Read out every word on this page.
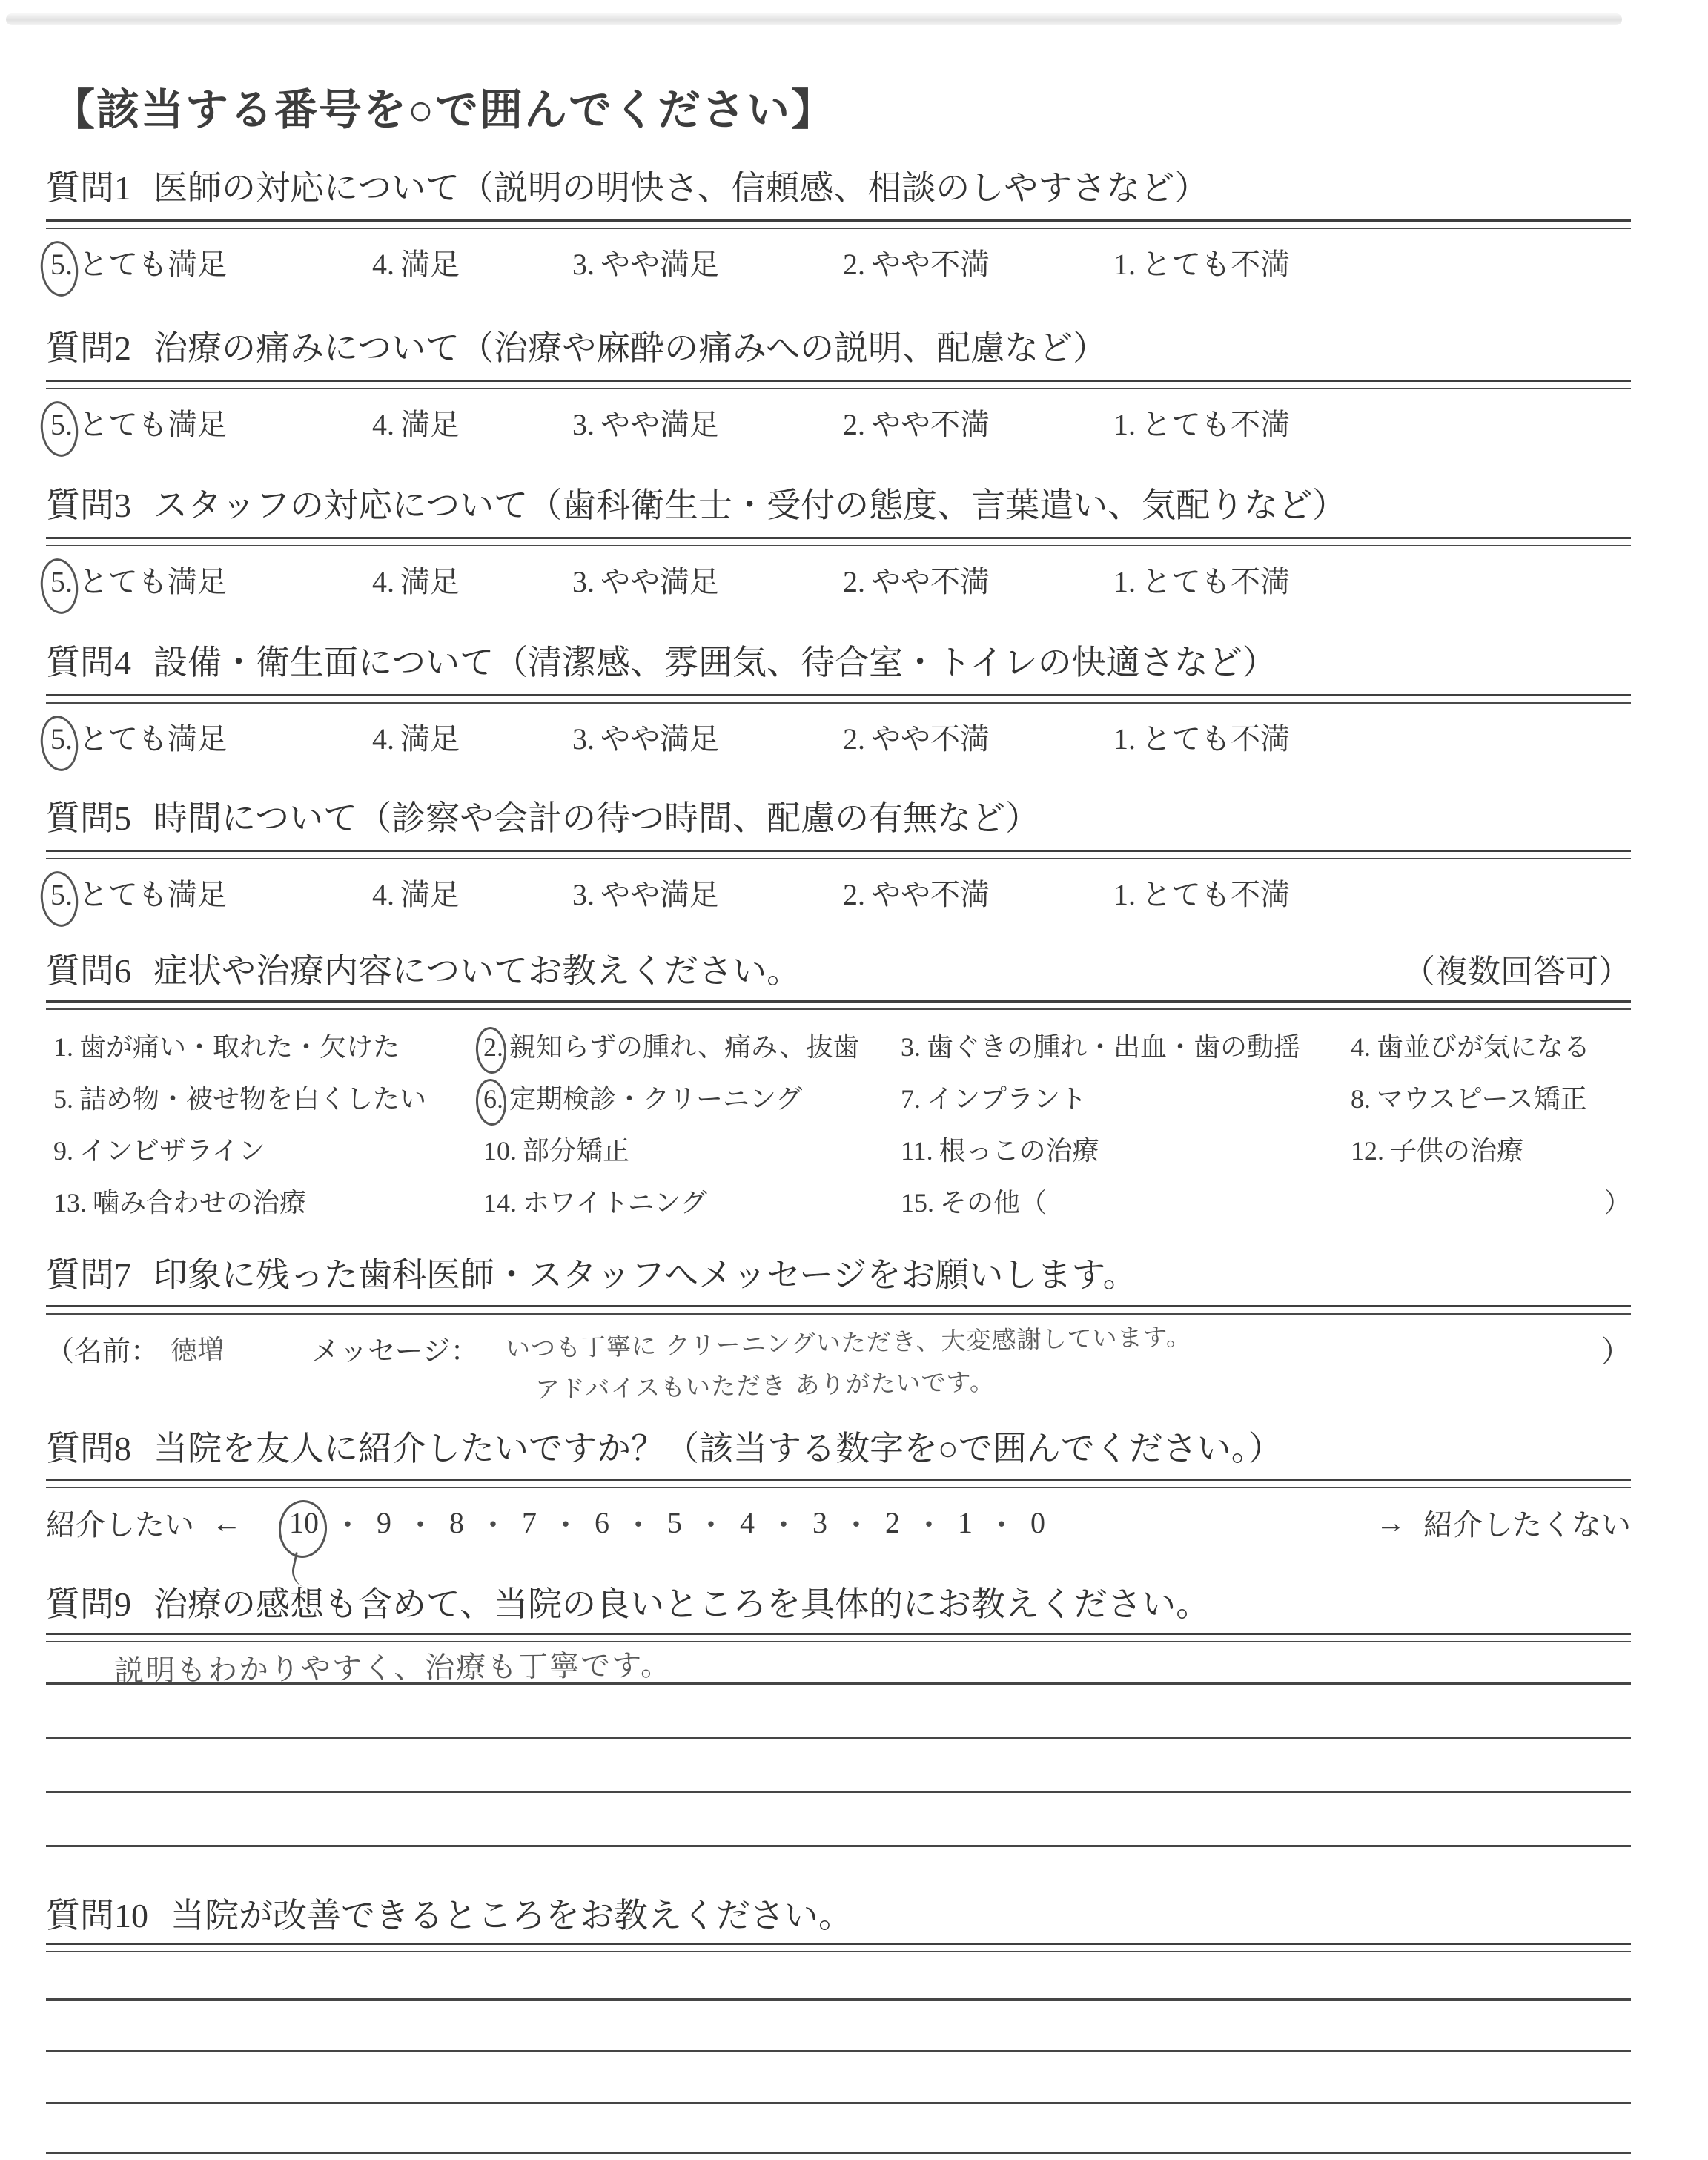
【該当する番号を○で囲んでください】
質問1 医師の対応について（説明の明快さ、信頼感、相談のしやすさなど）
5. とても満足	4. 満足	3. やや満足	2. やや不満	1. とても不満
質問2 治療の痛みについて（治療や麻酔の痛みへの説明、配慮など）
5. とても満足	4. 満足	3. やや満足	2. やや不満	1. とても不満
質問3 スタッフの対応について（歯科衛生士・受付の態度、言葉遣い、気配りなど）
5. とても満足	4. 満足	3. やや満足	2. やや不満	1. とても不満
質問4 設備・衛生面について（清潔感、雰囲気、待合室・トイレの快適さなど）
5. とても満足	4. 満足	3. やや満足	2. やや不満	1. とても不満
質問5 時間について（診察や会計の待つ時間、配慮の有無など）
5. とても満足	4. 満足	3. やや満足	2. やや不満	1. とても不満
質問6 症状や治療内容についてお教えください。	（複数回答可）
1. 歯が痛い・取れた・欠けた	2. 親知らずの腫れ、痛み、抜歯 3. 歯ぐきの腫れ・出血・歯の動揺 4. 歯並びが気になる
5. 詰め物・被せ物を白くしたい 6. 定期検診・クリーニング	7. インプラント	8. マウスピース矯正
9. インビザライン	10. 部分矯正	11. 根っこの治療	12. 子供の治療
13. 噛み合わせの治療	14. ホワイトニング	15. その他（	）
質問7 印象に残った歯科医師・スタッフへメッセージをお願いします。
（名前： 徳増	メッセージ： いつも丁寧に クリーニングいただき、大変感謝しています。
アドバイスもいただき ありがたいです。
）
質問8 当院を友人に紹介したいですか？（該当する数字を○で囲んでください。）
紹介したい ← 10 ・ 9 ・ 8 ・ 7 ・ 6 ・ 5 ・ 4 ・ 3 ・ 2 ・ 1 ・ 0	→ 紹介したくない
質問9 治療の感想も含めて、当院の良いところを具体的にお教えください。
説明もわかりやすく、治療も丁寧です。
質問10 当院が改善できるところをお教えください。
